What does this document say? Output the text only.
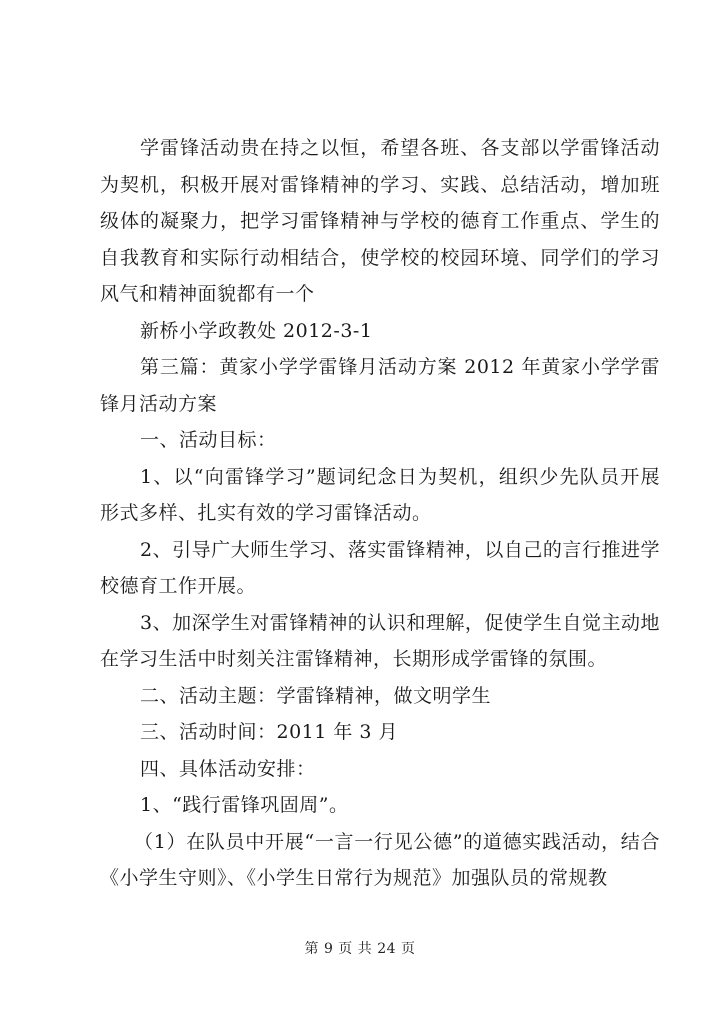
学雷锋活动贵在持之以恒，希望各班、各支部以学雷锋活动为契机，积极开展对雷锋精神的学习、实践、总结活动，增加班级体的凝聚力，把学习雷锋精神与学校的德育工作重点、学生的自我教育和实际行动相结合，使学校的校园环境、同学们的学习风气和精神面貌都有一个

新桥小学政教处 2012-3-1

第三篇：黄家小学学雷锋月活动方案 2012 年黄家小学学雷锋月活动方案

一、活动目标：

1、以“向雷锋学习”题词纪念日为契机，组织少先队员开展形式多样、扎实有效的学习雷锋活动。

2、引导广大师生学习、落实雷锋精神，以自己的言行推进学校德育工作开展。

3、加深学生对雷锋精神的认识和理解，促使学生自觉主动地在学习生活中时刻关注雷锋精神，长期形成学雷锋的氛围。

二、活动主题：学雷锋精神，做文明学生

三、活动时间：2011 年 3 月

四、具体活动安排：

1、“践行雷锋巩固周”。

（1）在队员中开展“一言一行见公德”的道德实践活动，结合《小学生守则》、《小学生日常行为规范》加强队员的常规教

第 9 页 共 24 页
